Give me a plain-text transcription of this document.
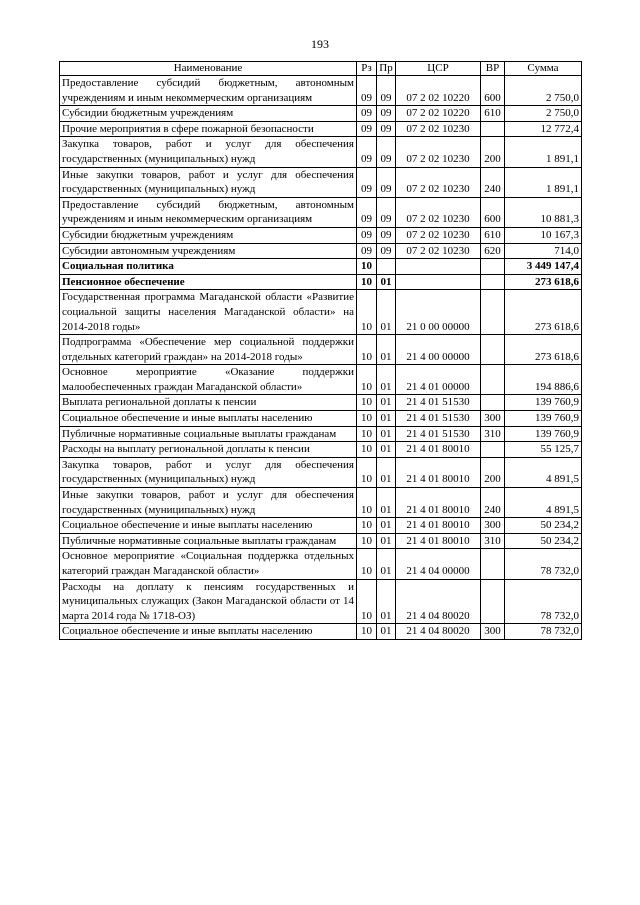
193
Наименование	Рз	Пр	ЦСР	ВР	Сумма
Предоставление субсидий бюджетным, автономным учреждениям и иным некоммерческим организациям	09	09	07 2 02 10220	600	2 750,0
Субсидии бюджетным учреждениям	09	09	07 2 02 10220	610	2 750,0
Прочие мероприятия в сфере пожарной безопасности	09	09	07 2 02 10230		12 772,4
Закупка товаров, работ и услуг для обеспечения государственных (муниципальных) нужд	09	09	07 2 02 10230	200	1 891,1
Иные закупки товаров, работ и услуг для обеспечения государственных (муниципальных) нужд	09	09	07 2 02 10230	240	1 891,1
Предоставление субсидий бюджетным, автономным учреждениям и иным некоммерческим организациям	09	09	07 2 02 10230	600	10 881,3
Субсидии бюджетным учреждениям	09	09	07 2 02 10230	610	10 167,3
Субсидии автономным учреждениям	09	09	07 2 02 10230	620	714,0
Социальная политика	10				3 449 147,4
Пенсионное обеспечение	10	01			273 618,6
Государственная программа Магаданской области «Развитие социальной защиты населения Магаданской области» на 2014-2018 годы»	10	01	21 0 00 00000		273 618,6
Подпрограмма «Обеспечение мер социальной поддержки отдельных категорий граждан» на 2014-2018 годы»	10	01	21 4 00 00000		273 618,6
Основное мероприятие «Оказание поддержки малообеспеченных граждан Магаданской области»	10	01	21 4 01 00000		194 886,6
Выплата региональной доплаты к пенсии	10	01	21 4 01 51530		139 760,9
Социальное обеспечение и иные выплаты населению	10	01	21 4 01 51530	300	139 760,9
Публичные нормативные социальные выплаты гражданам	10	01	21 4 01 51530	310	139 760,9
Расходы на выплату региональной доплаты к пенсии	10	01	21 4 01 80010		55 125,7
Закупка товаров, работ и услуг для обеспечения государственных (муниципальных) нужд	10	01	21 4 01 80010	200	4 891,5
Иные закупки товаров, работ и услуг для обеспечения государственных (муниципальных) нужд	10	01	21 4 01 80010	240	4 891,5
Социальное обеспечение и иные выплаты населению	10	01	21 4 01 80010	300	50 234,2
Публичные нормативные социальные выплаты гражданам	10	01	21 4 01 80010	310	50 234,2
Основное мероприятие «Социальная поддержка отдельных категорий граждан Магаданской области»	10	01	21 4 04 00000		78 732,0
Расходы на доплату к пенсиям государственных и муниципальных служащих (Закон Магаданской области от 14 марта 2014 года № 1718-ОЗ)	10	01	21 4 04 80020		78 732,0
Социальное обеспечение и иные выплаты населению	10	01	21 4 04 80020	300	78 732,0
